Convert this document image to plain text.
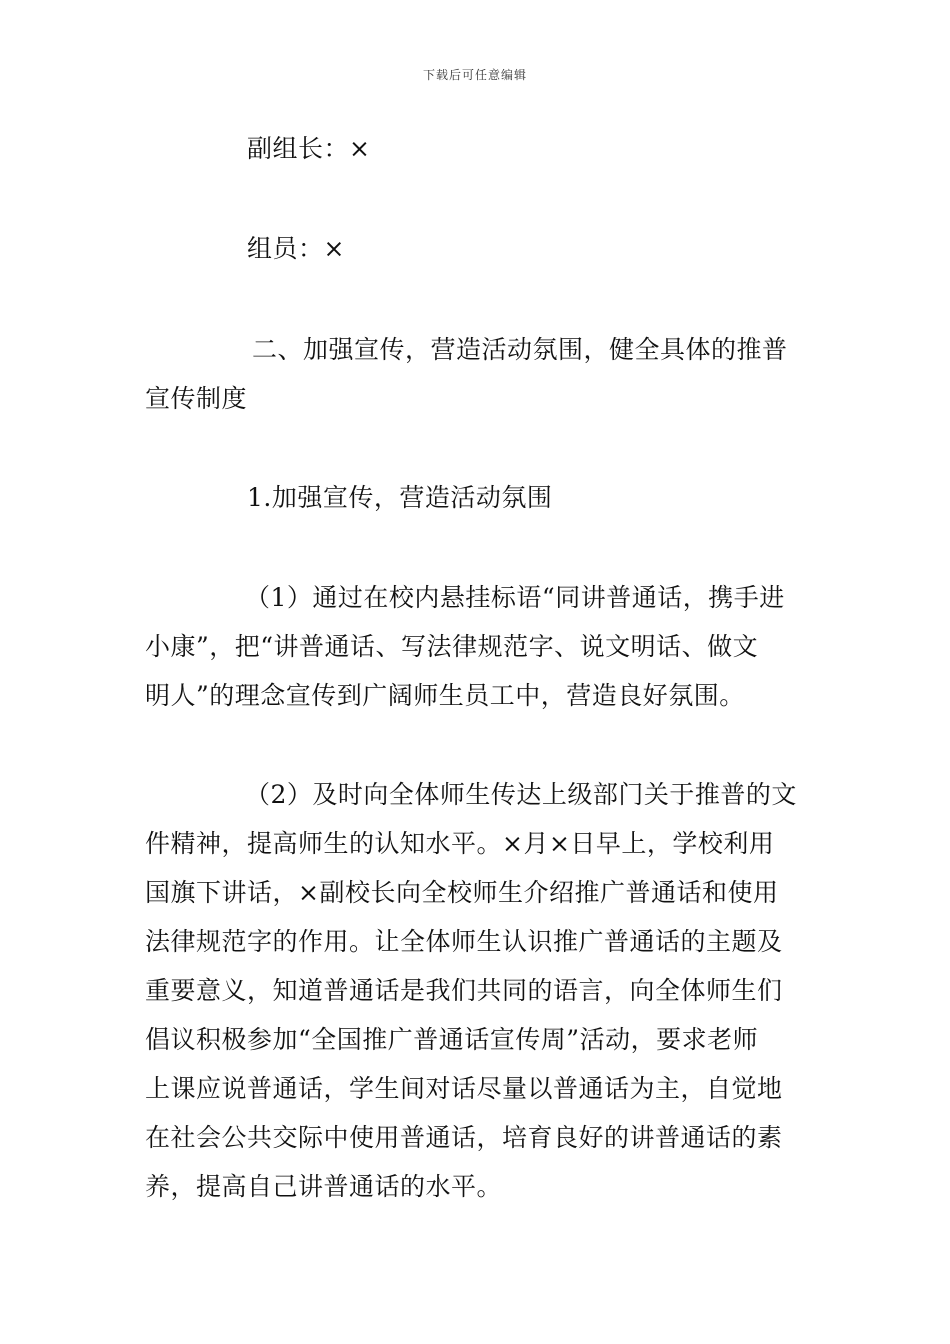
下载后可任意编辑
副组长：×
组员：×
二、加强宣传，营造活动氛围，健全具体的推普
宣传制度
1.加强宣传，营造活动氛围
（1）通过在校内悬挂标语“同讲普通话，携手进
小康”，把“讲普通话、写法律规范字、说文明话、做文
明人”的理念宣传到广阔师生员工中，营造良好氛围。
（2）及时向全体师生传达上级部门关于推普的文
件精神，提高师生的认知水平。×月×日早上，学校利用
国旗下讲话，×副校长向全校师生介绍推广普通话和使用
法律规范字的作用。让全体师生认识推广普通话的主题及
重要意义，知道普通话是我们共同的语言，向全体师生们
倡议积极参加“全国推广普通话宣传周”活动，要求老师
上课应说普通话，学生间对话尽量以普通话为主，自觉地
在社会公共交际中使用普通话，培育良好的讲普通话的素
养，提高自己讲普通话的水平。
